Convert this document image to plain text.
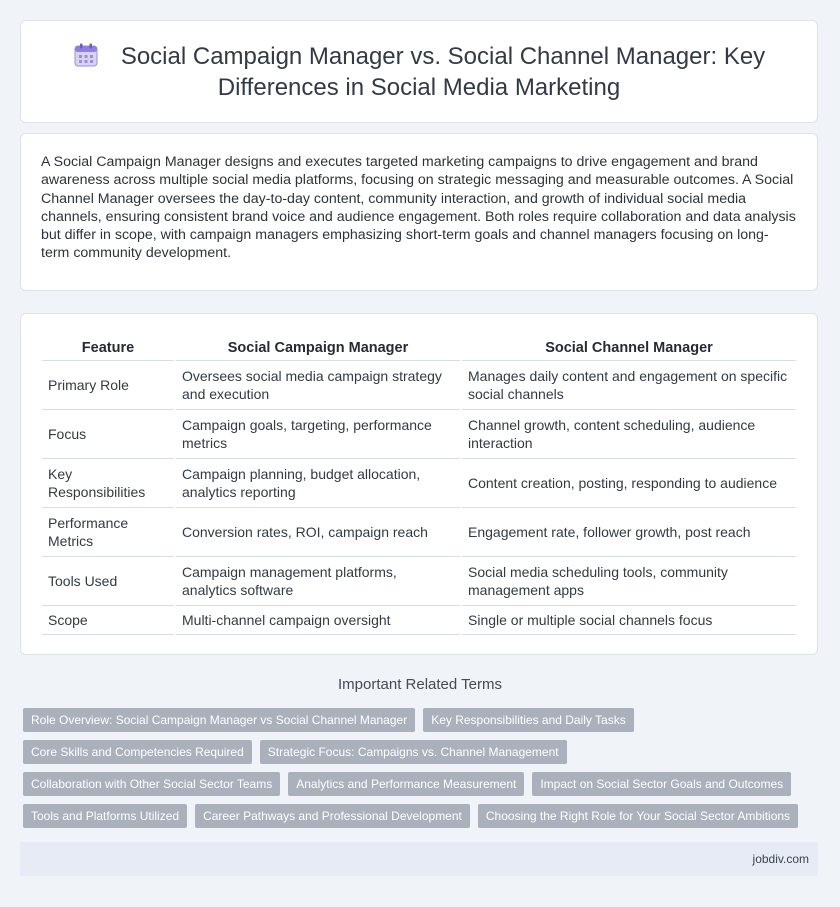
Social Campaign Manager vs. Social Channel Manager: Key Differences in Social Media Marketing

A Social Campaign Manager designs and executes targeted marketing campaigns to drive engagement and brand awareness across multiple social media platforms, focusing on strategic messaging and measurable outcomes. A Social Channel Manager oversees the day-to-day content, community interaction, and growth of individual social media channels, ensuring consistent brand voice and audience engagement. Both roles require collaboration and data analysis but differ in scope, with campaign managers emphasizing short-term goals and channel managers focusing on long-term community development.

Feature	Social Campaign Manager	Social Channel Manager
Primary Role	Oversees social media campaign strategy and execution	Manages daily content and engagement on specific social channels
Focus	Campaign goals, targeting, performance metrics	Channel growth, content scheduling, audience interaction
Key Responsibilities	Campaign planning, budget allocation, analytics reporting	Content creation, posting, responding to audience
Performance Metrics	Conversion rates, ROI, campaign reach	Engagement rate, follower growth, post reach
Tools Used	Campaign management platforms, analytics software	Social media scheduling tools, community management apps
Scope	Multi-channel campaign oversight	Single or multiple social channels focus
Important Related Terms
Role Overview: Social Campaign Manager vs Social Channel Manager	Key Responsibilities and Daily Tasks
Core Skills and Competencies Required	Strategic Focus: Campaigns vs. Channel Management
Collaboration with Other Social Sector Teams	Analytics and Performance Measurement	Impact on Social Sector Goals and Outcomes
Tools and Platforms Utilized	Career Pathways and Professional Development	Choosing the Right Role for Your Social Sector Ambitions
jobdiv.com
